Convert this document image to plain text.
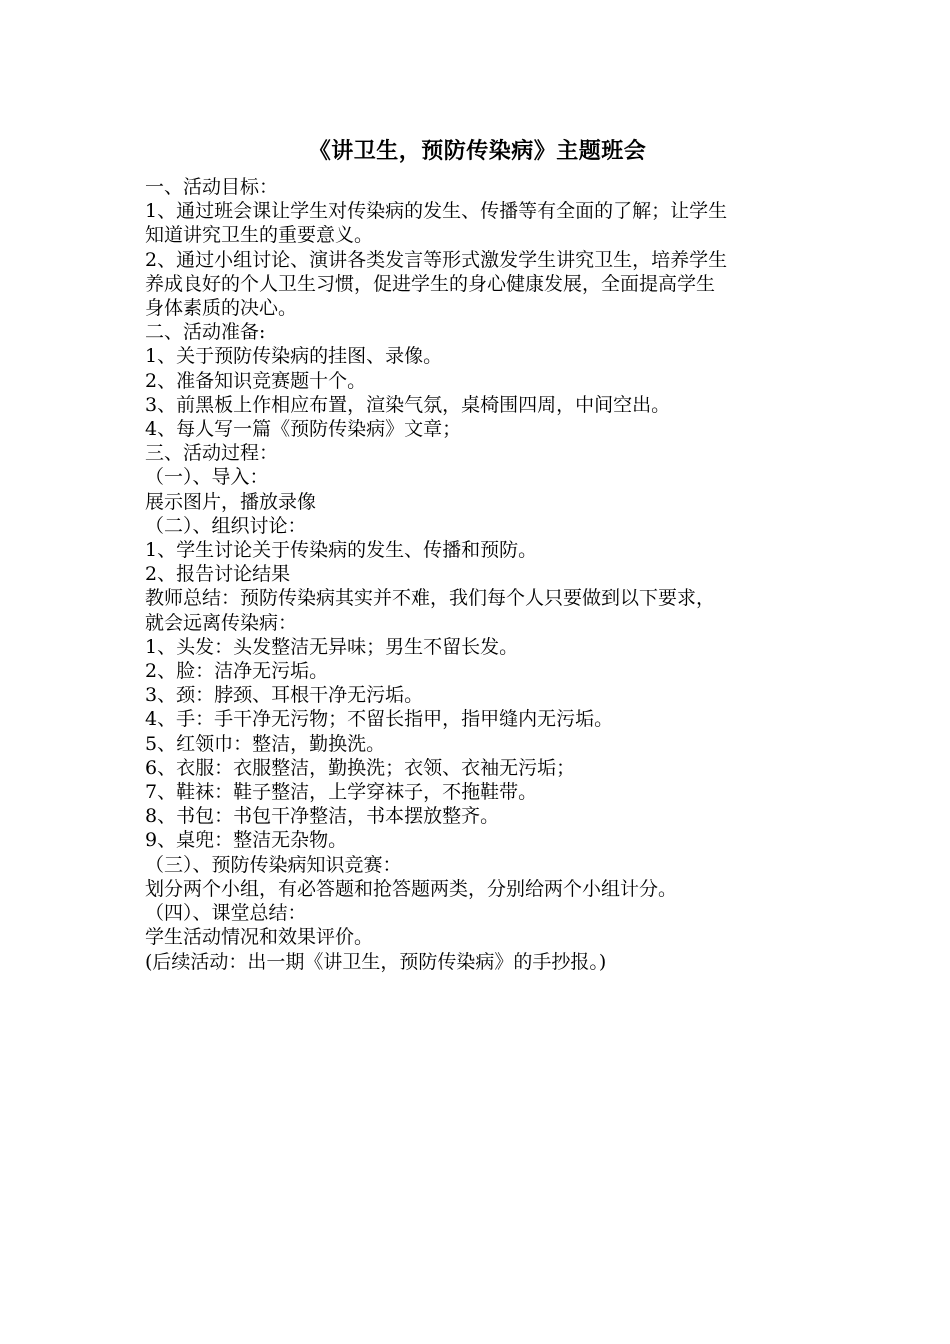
《讲卫生，预防传染病》主题班会

一、活动目标：

1、通过班会课让学生对传染病的发生、传播等有全面的了解；让学生

知道讲究卫生的重要意义。

2、通过小组讨论、演讲各类发言等形式激发学生讲究卫生，培养学生

养成良好的个人卫生习惯，促进学生的身心健康发展，全面提高学生

身体素质的决心。

二、活动准备:

1、关于预防传染病的挂图、录像。

2、准备知识竞赛题十个。

3、前黑板上作相应布置，渲染气氛，桌椅围四周，中间空出。

4、每人写一篇《预防传染病》文章；

三、活动过程：

（一）、导入：

展示图片，播放录像

（二）、组织讨论：

1、学生讨论关于传染病的发生、传播和预防。

2、报告讨论结果

教师总结：预防传染病其实并不难，我们每个人只要做到以下要求，

就会远离传染病：

1、头发：头发整洁无异味；男生不留长发。

2、脸：洁净无污垢。

3、颈：脖颈、耳根干净无污垢。

4、手：手干净无污物；不留长指甲，指甲缝内无污垢。

5、红领巾：整洁，勤换洗。

6、衣服：衣服整洁，勤换洗；衣领、衣袖无污垢；

7、鞋袜：鞋子整洁，上学穿袜子，不拖鞋带。

8、书包：书包干净整洁，书本摆放整齐。

9、桌兜：整洁无杂物。

（三）、预防传染病知识竞赛：

划分两个小组，有必答题和抢答题两类，分别给两个小组计分。

（四）、课堂总结：

学生活动情况和效果评价。

(后续活动：出一期《讲卫生，预防传染病》的手抄报。)
